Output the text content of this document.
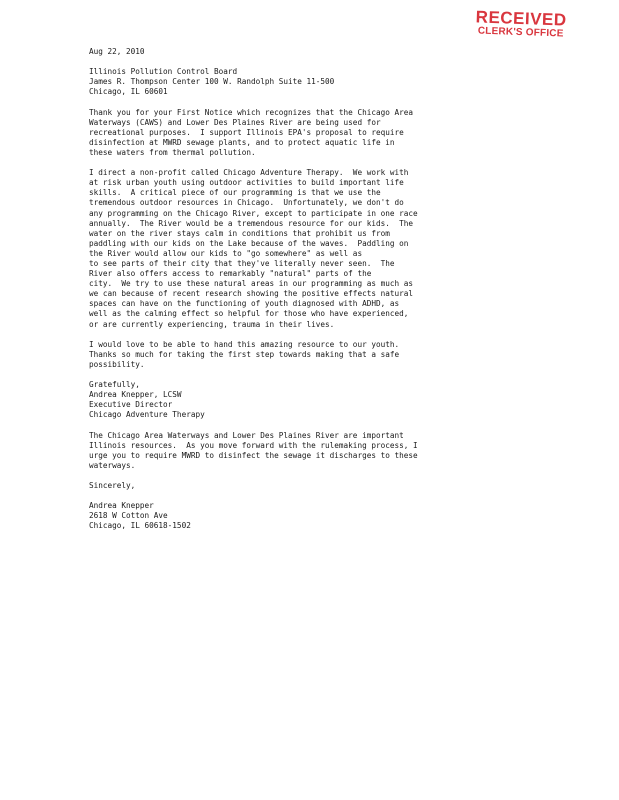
RECEIVED
CLERK'S OFFICE
Aug 22, 2010
Illinois Pollution Control Board
James R. Thompson Center 100 W. Randolph Suite 11-500
Chicago, IL 60601
Thank you for your First Notice which recognizes that the Chicago Area
Waterways (CAWS) and Lower Des Plaines River are being used for
recreational purposes.  I support Illinois EPA's proposal to require
disinfection at MWRD sewage plants, and to protect aquatic life in
these waters from thermal pollution.
I direct a non-profit called Chicago Adventure Therapy.  We work with
at risk urban youth using outdoor activities to build important life
skills.  A critical piece of our programming is that we use the
tremendous outdoor resources in Chicago.  Unfortunately, we don't do
any programming on the Chicago River, except to participate in one race
annually.  The River would be a tremendous resource for our kids.  The
water on the river stays calm in conditions that prohibit us from
paddling with our kids on the Lake because of the waves.  Paddling on
the River would allow our kids to "go somewhere" as well as
to see parts of their city that they've literally never seen.  The
River also offers access to remarkably "natural" parts of the
city.  We try to use these natural areas in our programming as much as
we can because of recent research showing the positive effects natural
spaces can have on the functioning of youth diagnosed with ADHD, as
well as the calming effect so helpful for those who have experienced,
or are currently experiencing, trauma in their lives.
I would love to be able to hand this amazing resource to our youth.
Thanks so much for taking the first step towards making that a safe
possibility.
Gratefully,
Andrea Knepper, LCSW
Executive Director
Chicago Adventure Therapy
The Chicago Area Waterways and Lower Des Plaines River are important
Illinois resources.  As you move forward with the rulemaking process, I
urge you to require MWRD to disinfect the sewage it discharges to these
waterways.
Sincerely,
Andrea Knepper
2618 W Cotton Ave
Chicago, IL 60618-1502
